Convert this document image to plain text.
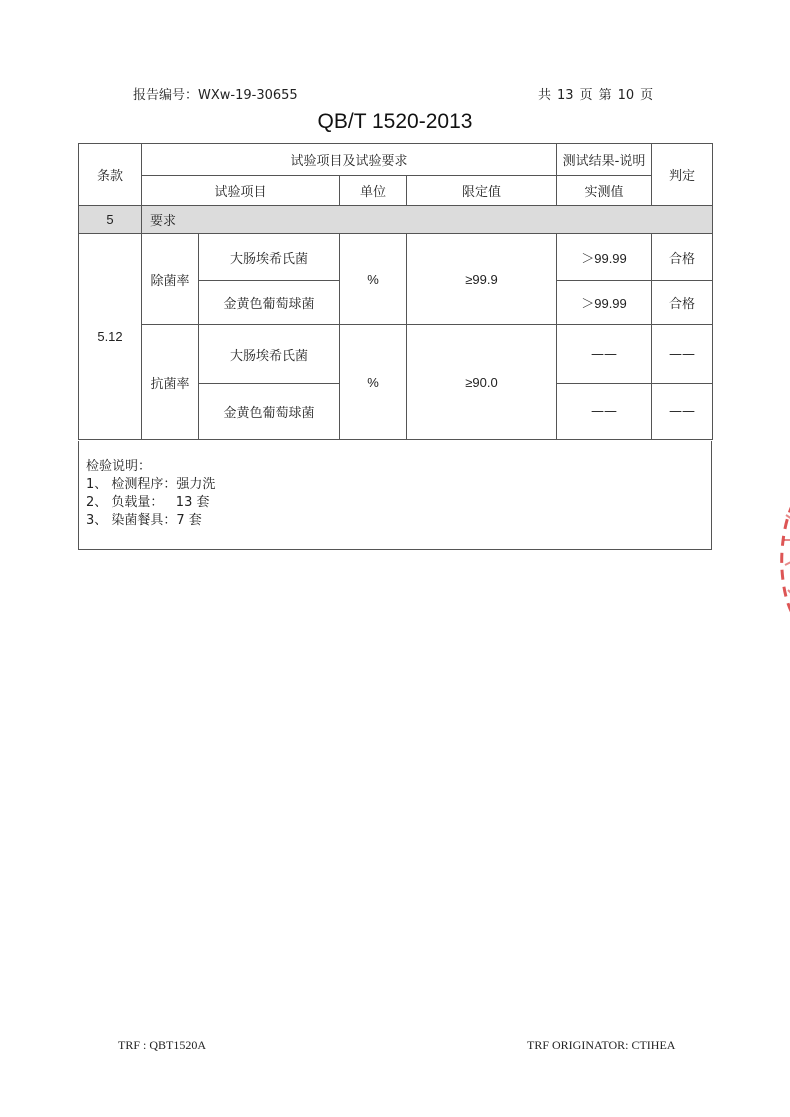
报告编号：WXw-19-30655	共 13 页 第 10 页
QB/T 1520-2013
条款	试验项目及试验要求				测试结果-说明	判定
	试验项目		单位	限定值	实测值	
5	要求					
5.12	除菌率	大肠埃希氏菌	%	≥99.9	＞99.99	合格
		金黄色葡萄球菌			＞99.99	合格
	抗菌率	大肠埃希氏菌	%	≥90.0	——	——
		金黄色葡萄球菌			——	——
检验说明：
1、 检测程序：强力洗
2、 负载量：   13 套
3、 染菌餐具：7 套
TRF : QBT1520A	TRF ORIGINATOR: CTIHEA
